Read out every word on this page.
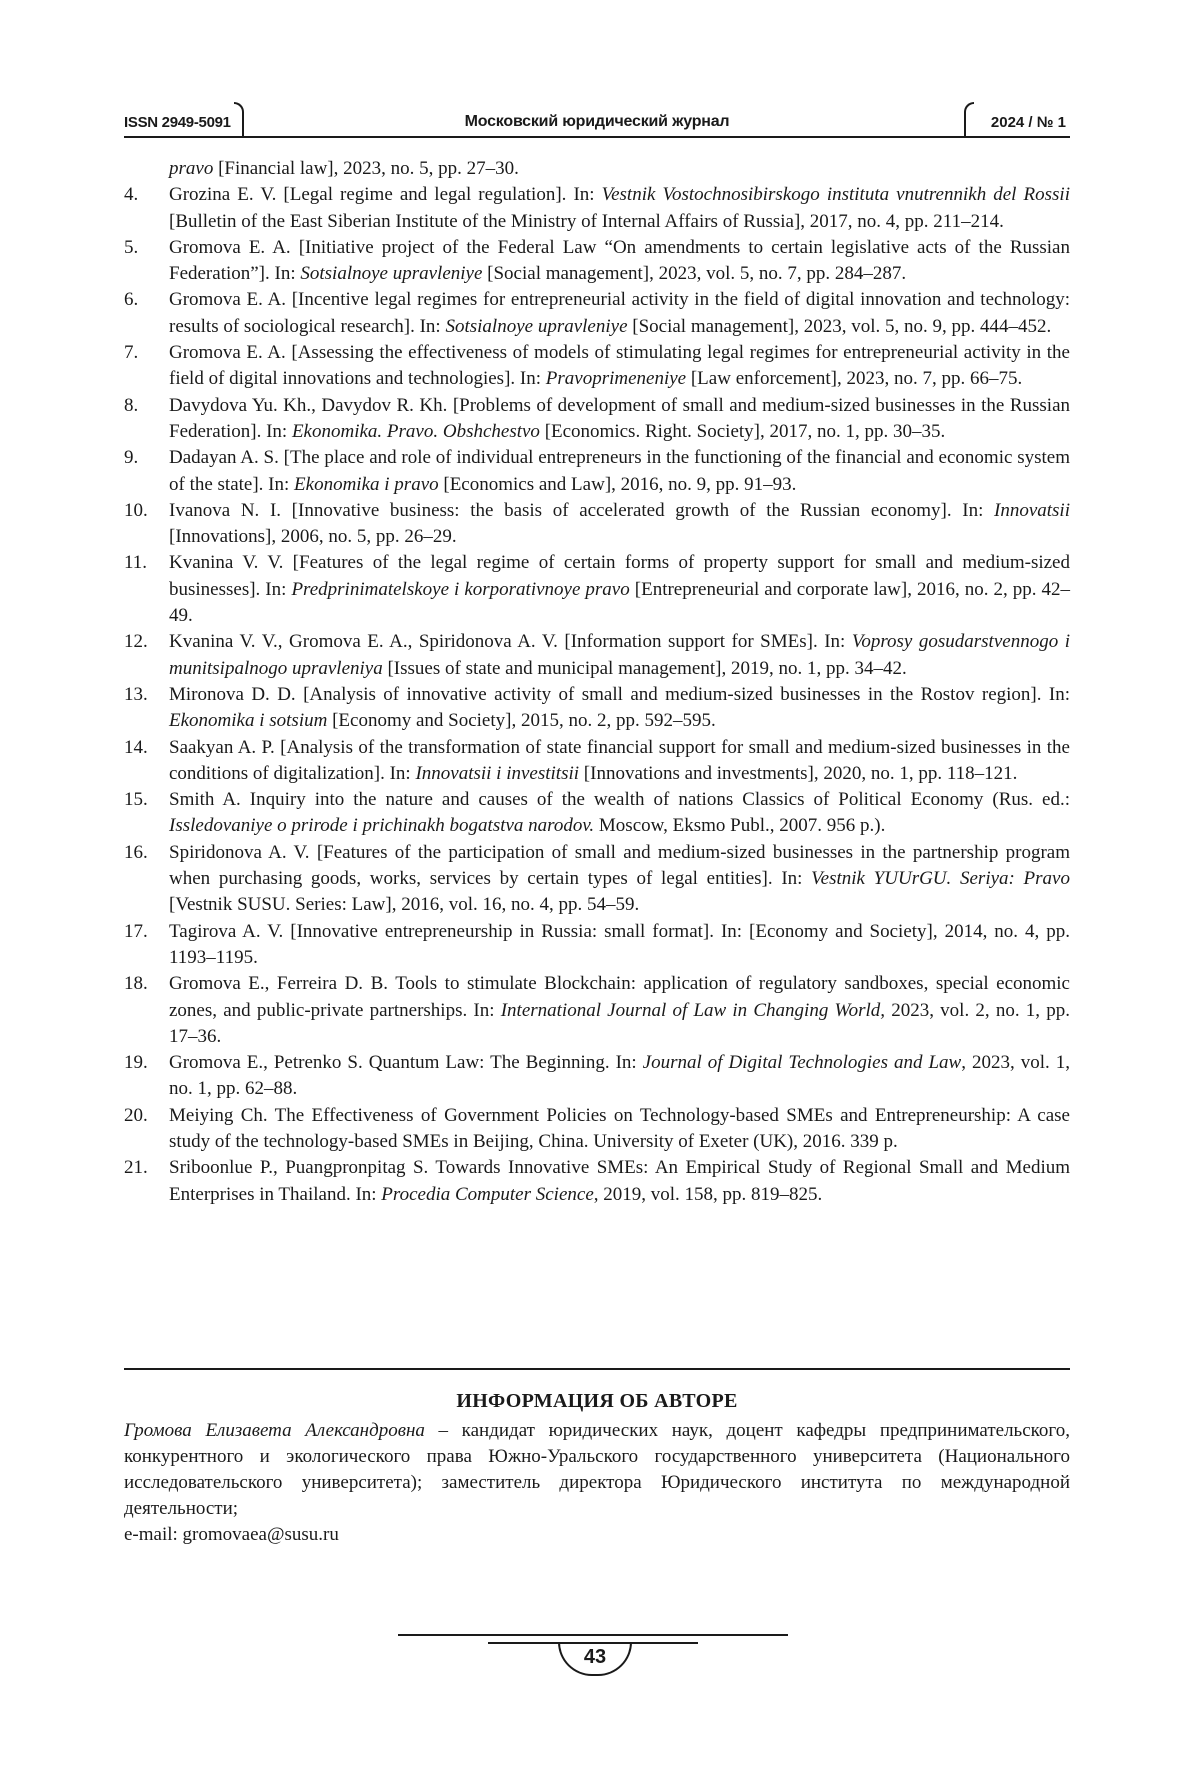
ISSN 2949-5091	Московский юридический журнал	2024 / № 1
pravo [Financial law], 2023, no. 5, pp. 27–30.
4.	Grozina E. V. [Legal regime and legal regulation]. In: Vestnik Vostochnosibirskogo instituta vnutrennikh del Rossii [Bulletin of the East Siberian Institute of the Ministry of Internal Affairs of Russia], 2017, no. 4, pp. 211–214.
5.	Gromova E. A. [Initiative project of the Federal Law “On amendments to certain legislative acts of the Russian Federation”]. In: Sotsialnoye upravleniye [Social management], 2023, vol. 5, no. 7, pp. 284–287.
6.	Gromova E. A. [Incentive legal regimes for entrepreneurial activity in the field of digital innovation and technology: results of sociological research]. In: Sotsialnoye upravleniye [Social management], 2023, vol. 5, no. 9, pp. 444–452.
7.	Gromova E. A. [Assessing the effectiveness of models of stimulating legal regimes for entrepreneurial activity in the field of digital innovations and technologies]. In: Pravoprimeneniye [Law enforcement], 2023, no. 7, pp. 66–75.
8.	Davydova Yu. Kh., Davydov R. Kh. [Problems of development of small and medium-sized businesses in the Russian Federation]. In: Ekonomika. Pravo. Obshchestvo [Economics. Right. Society], 2017, no. 1, pp. 30–35.
9.	Dadayan A. S. [The place and role of individual entrepreneurs in the functioning of the financial and economic system of the state]. In: Ekonomika i pravo [Economics and Law], 2016, no. 9, pp. 91–93.
10.	Ivanova N. I. [Innovative business: the basis of accelerated growth of the Russian economy]. In: Innovatsii [Innovations], 2006, no. 5, pp. 26–29.
11.	Kvanina V. V. [Features of the legal regime of certain forms of property support for small and medium-sized businesses]. In: Predprinimatelskoye i korporativnoye pravo [Entrepreneurial and corporate law], 2016, no. 2, pp. 42–49.
12.	Kvanina V. V., Gromova E. A., Spiridonova A. V. [Information support for SMEs]. In: Voprosy gosudarstvennogo i munitsipalnogo upravleniya [Issues of state and municipal management], 2019, no. 1, pp. 34–42.
13.	Mironova D. D. [Analysis of innovative activity of small and medium-sized businesses in the Rostov region]. In: Ekonomika i sotsium [Economy and Society], 2015, no. 2, pp. 592–595.
14.	Saakyan A. P. [Analysis of the transformation of state financial support for small and medium-sized businesses in the conditions of digitalization]. In: Innovatsii i investitsii [Innovations and investments], 2020, no. 1, pp. 118–121.
15.	Smith A. Inquiry into the nature and causes of the wealth of nations Classics of Political Economy (Rus. ed.: Issledovaniye o prirode i prichinakh bogatstva narodov. Moscow, Eksmo Publ., 2007. 956 p.).
16.	Spiridonova A. V. [Features of the participation of small and medium-sized businesses in the partnership program when purchasing goods, works, services by certain types of legal entities]. In: Vestnik YUUrGU. Seriya: Pravo [Vestnik SUSU. Series: Law], 2016, vol. 16, no. 4, pp. 54–59.
17.	Tagirova A. V. [Innovative entrepreneurship in Russia: small format]. In: [Economy and Society], 2014, no. 4, pp. 1193–1195.
18.	Gromova E., Ferreira D. B. Tools to stimulate Blockchain: application of regulatory sandboxes, special economic zones, and public-private partnerships. In: International Journal of Law in Changing World, 2023, vol. 2, no. 1, pp. 17–36.
19.	Gromova E., Petrenko S. Quantum Law: The Beginning. In: Journal of Digital Technologies and Law, 2023, vol. 1, no. 1, pp. 62–88.
20.	Meiying Ch. The Effectiveness of Government Policies on Technology-based SMEs and Entrepreneurship: A case study of the technology-based SMEs in Beijing, China. University of Exeter (UK), 2016. 339 p.
21.	Sriboonlue P., Puangpronpitag S. Towards Innovative SMEs: An Empirical Study of Regional Small and Medium Enterprises in Thailand. In: Procedia Computer Science, 2019, vol. 158, pp. 819–825.
ИНФОРМАЦИЯ ОБ АВТОРЕ

Громова Елизавета Александровна – кандидат юридических наук, доцент кафедры предпринимательского, конкурентного и экологического права Южно-Уральского государственного университета (Национального исследовательского университета); заместитель директора Юридического института по международной деятельности;

e-mail: gromovaea@susu.ru

43
